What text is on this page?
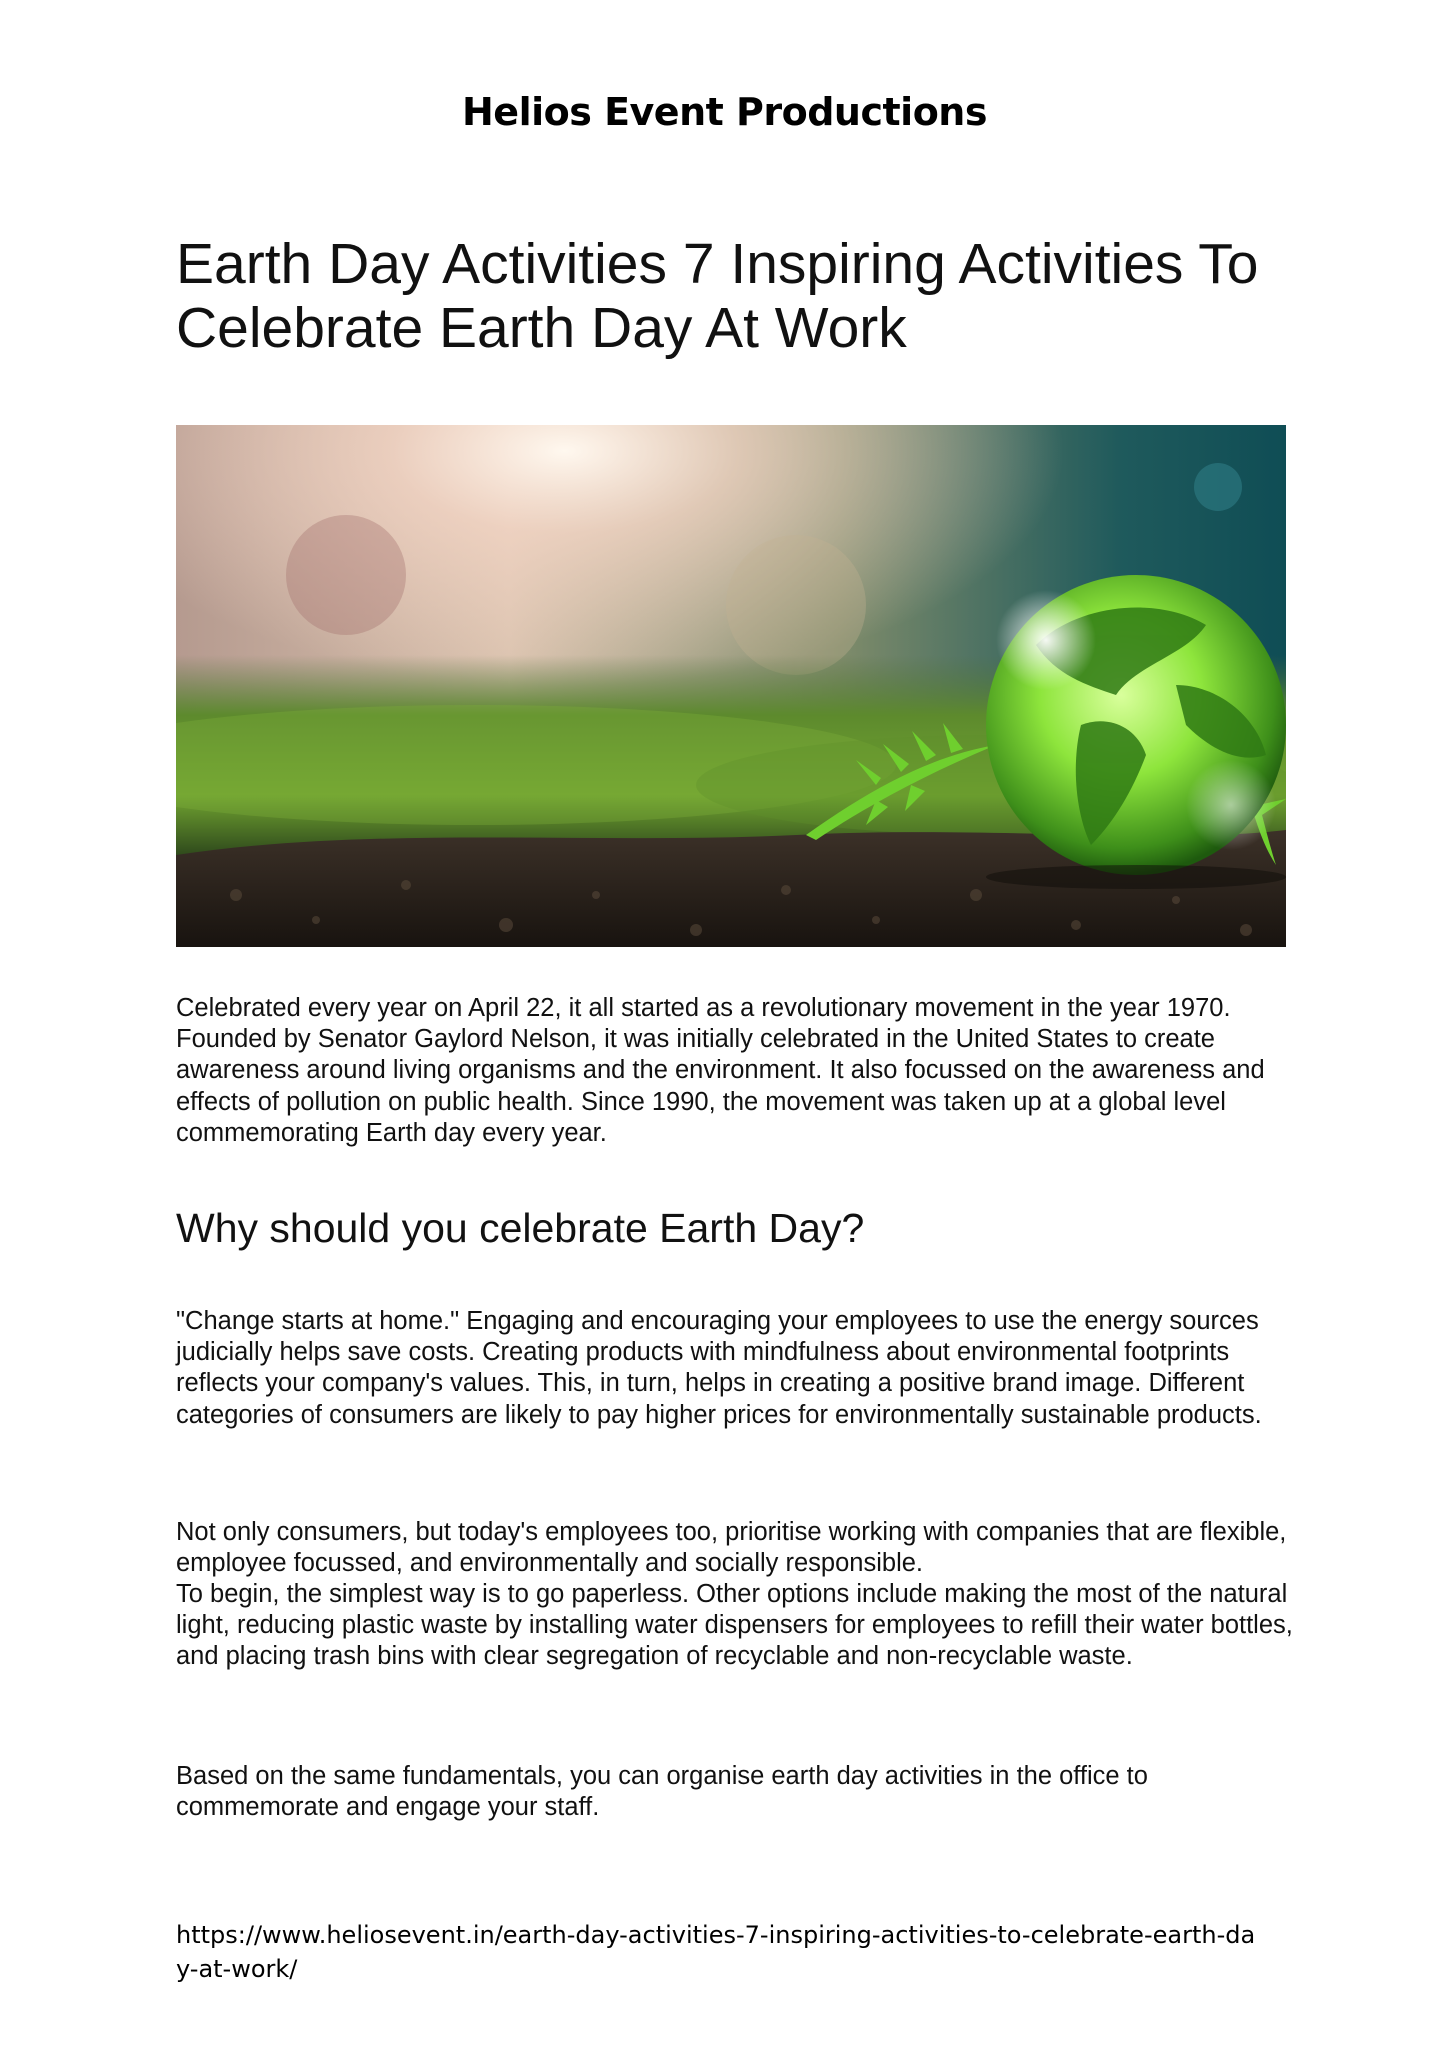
Helios Event Productions
Earth Day Activities 7 Inspiring Activities To Celebrate Earth Day At Work

Celebrated every year on April 22, it all started as a revolutionary movement in the year 1970. Founded by Senator Gaylord Nelson, it was initially celebrated in the United States to create awareness around living organisms and the environment. It also focussed on the awareness and effects of pollution on public health. Since 1990, the movement was taken up at a global level commemorating Earth day every year.

Why should you celebrate Earth Day?

"Change starts at home." Engaging and encouraging your employees to use the energy sources judicially helps save costs. Creating products with mindfulness about environmental footprints reflects your company's values. This, in turn, helps in creating a positive brand image. Different categories of consumers are likely to pay higher prices for environmentally sustainable products.

Not only consumers, but today's employees too, prioritise working with companies that are flexible, employee focussed, and environmentally and socially responsible.

To begin, the simplest way is to go paperless. Other options include making the most of the natural light, reducing plastic waste by installing water dispensers for employees to refill their water bottles, and placing trash bins with clear segregation of recyclable and non-recyclable waste.

Based on the same fundamentals, you can organise earth day activities in the office to commemorate and engage your staff.

https://www.heliosevent.in/earth-day-activities-7-inspiring-activities-to-celebrate-earth-day-at-work/
